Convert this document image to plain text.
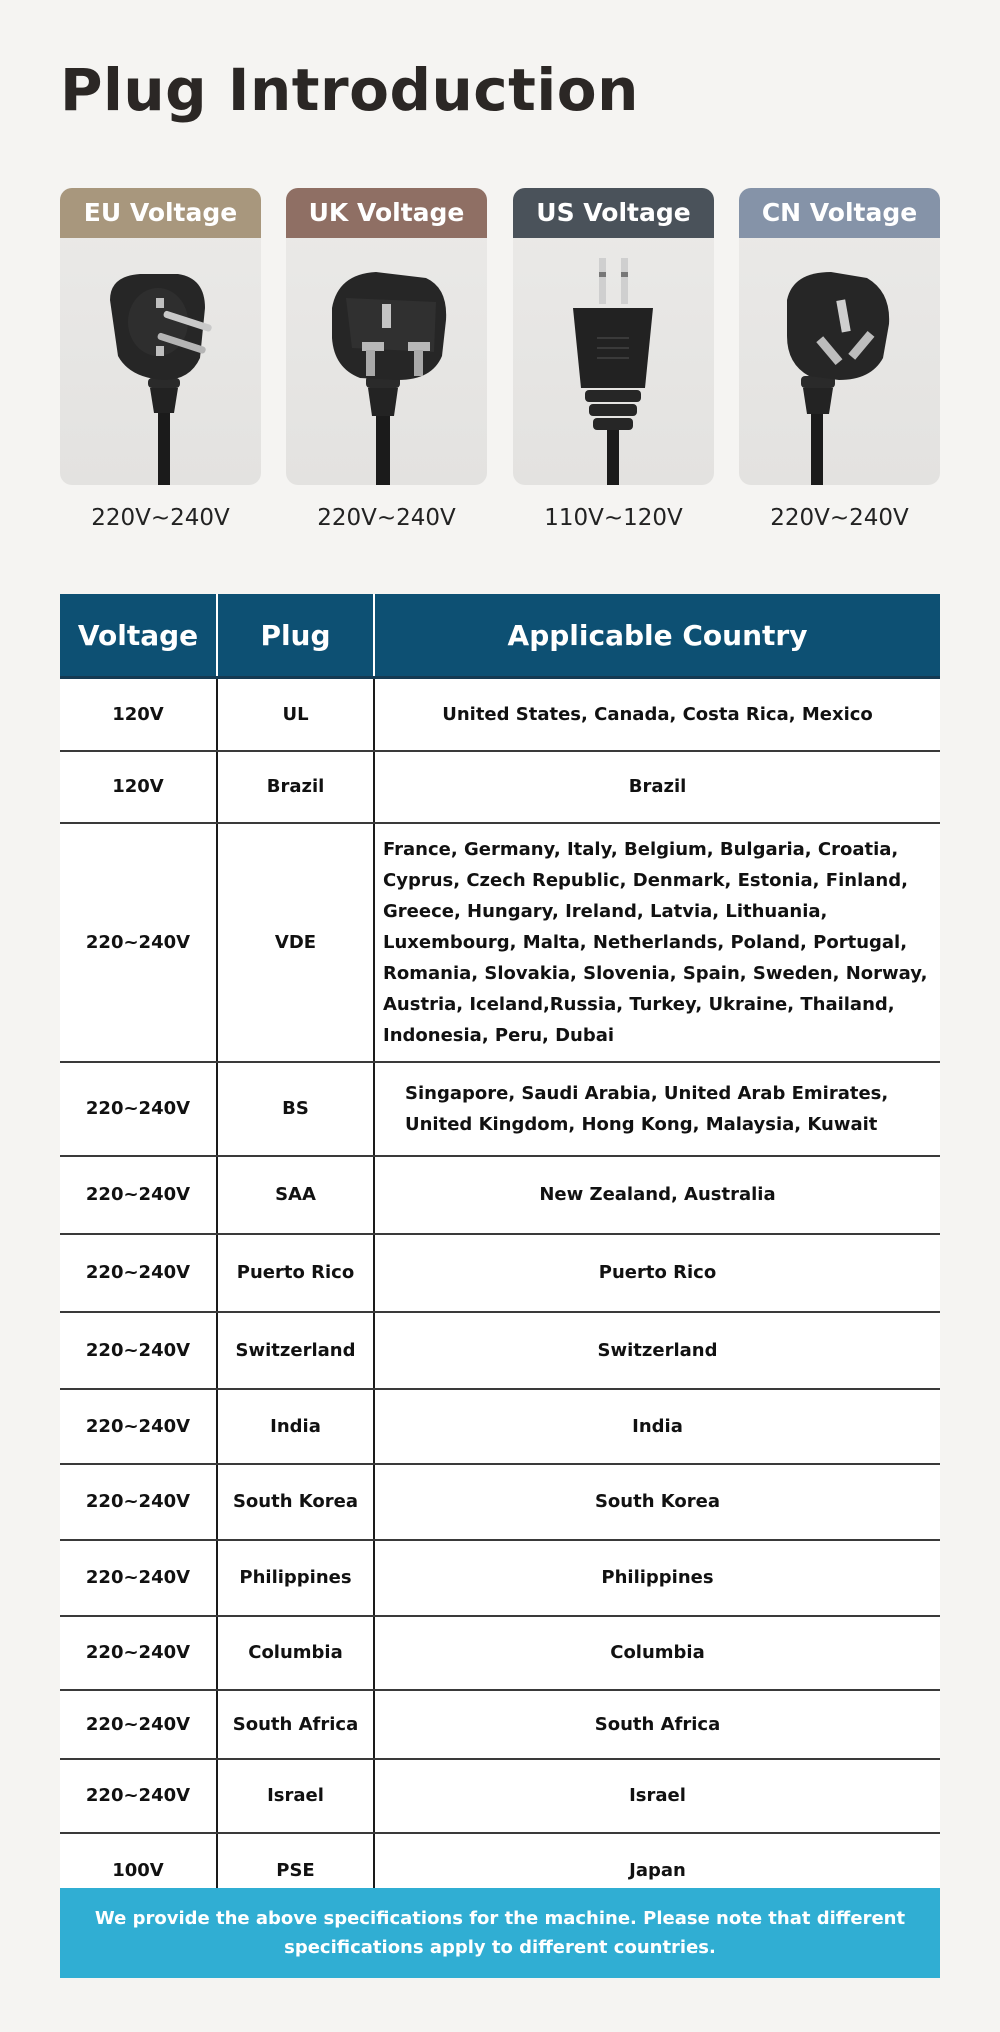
Plug Introduction
EU Voltage
220V~240V
UK Voltage
220V~240V
US Voltage
110V~120V
CN Voltage
220V~240V
Voltage	Plug	Applicable Country
120V	UL	United States, Canada, Costa Rica, Mexico
120V	Brazil	Brazil
220~240V	VDE	France, Germany, Italy, Belgium, Bulgaria, Croatia, Cyprus, Czech Republic, Denmark, Estonia, Finland, Greece, Hungary, Ireland, Latvia, Lithuania, Luxembourg, Malta, Netherlands, Poland, Portugal, Romania, Slovakia, Slovenia, Spain, Sweden, Norway, Austria, Iceland,Russia, Turkey, Ukraine, Thailand, Indonesia, Peru, Dubai
220~240V	BS	Singapore, Saudi Arabia, United Arab Emirates, United Kingdom, Hong Kong, Malaysia, Kuwait
220~240V	SAA	New Zealand, Australia
220~240V	Puerto Rico	Puerto Rico
220~240V	Switzerland	Switzerland
220~240V	India	India
220~240V	South Korea	South Korea
220~240V	Philippines	Philippines
220~240V	Columbia	Columbia
220~240V	South Africa	South Africa
220~240V	Israel	Israel
100V	PSE	Japan
We provide the above specifications for the machine. Please note that different specifications apply to different countries.
